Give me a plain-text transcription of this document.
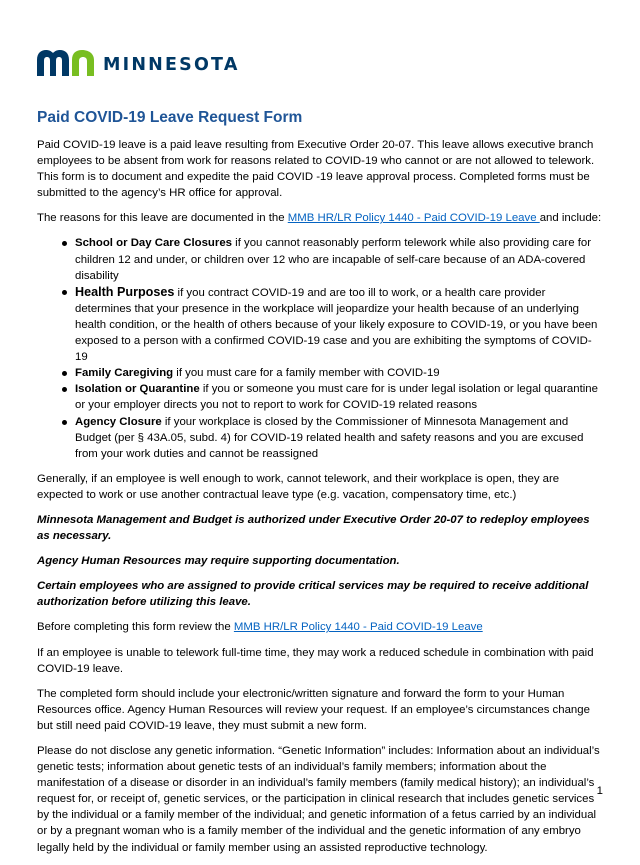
MINNESOTA
Paid COVID-19 Leave Request Form

Paid COVID-19 leave is a paid leave resulting from Executive Order 20-07. This leave allows executive branch employees to be absent from work for reasons related to COVID-19 who cannot or are not allowed to telework. This form is to document and expedite the paid COVID -19 leave approval process. Completed forms must be submitted to the agency’s HR office for approval.

The reasons for this leave are documented in the MMB HR/LR Policy 1440 - Paid COVID-19 Leave and include:

School or Day Care Closures if you cannot reasonably perform telework while also providing care for children 12 and under, or children over 12 who are incapable of self-care because of an ADA-covered disability
Health Purposes if you contract COVID-19 and are too ill to work, or a health care provider determines that your presence in the workplace will jeopardize your health because of an underlying health condition, or the health of others because of your likely exposure to COVID-19, or you have been exposed to a person with a confirmed COVID-19 case and you are exhibiting the symptoms of COVID-19
Family Caregiving if you must care for a family member with COVID-19
Isolation or Quarantine if you or someone you must care for is under legal isolation or legal quarantine or your employer directs you not to report to work for COVID-19 related reasons
Agency Closure if your workplace is closed by the Commissioner of Minnesota Management and Budget (per § 43A.05, subd. 4) for COVID-19 related health and safety reasons and you are excused from your work duties and cannot be reassigned

Generally, if an employee is well enough to work, cannot telework, and their workplace is open, they are expected to work or use another contractual leave type (e.g. vacation, compensatory time, etc.)

Minnesota Management and Budget is authorized under Executive Order 20-07 to redeploy employees as necessary.

Agency Human Resources may require supporting documentation.

Certain employees who are assigned to provide critical services may be required to receive additional authorization before utilizing this leave.

Before completing this form review the MMB HR/LR Policy 1440 - Paid COVID-19 Leave

If an employee is unable to telework full-time time, they may work a reduced schedule in combination with paid COVID-19 leave.

The completed form should include your electronic/written signature and forward the form to your Human Resources office. Agency Human Resources will review your request. If an employee’s circumstances change but still need paid COVID-19 leave, they must submit a new form.

Please do not disclose any genetic information. “Genetic Information” includes: Information about an individual’s genetic tests; information about genetic tests of an individual’s family members; information about the manifestation of a disease or disorder in an individual’s family members (family medical history); an individual’s request for, or receipt of, genetic services, or the participation in clinical research that includes genetic services by the individual or a family member of the individual; and genetic information of a fetus carried by an individual or by a pregnant woman who is a family member of the individual and the genetic information of any embryo legally held by the individual or family member using an assisted reproductive technology.

1
